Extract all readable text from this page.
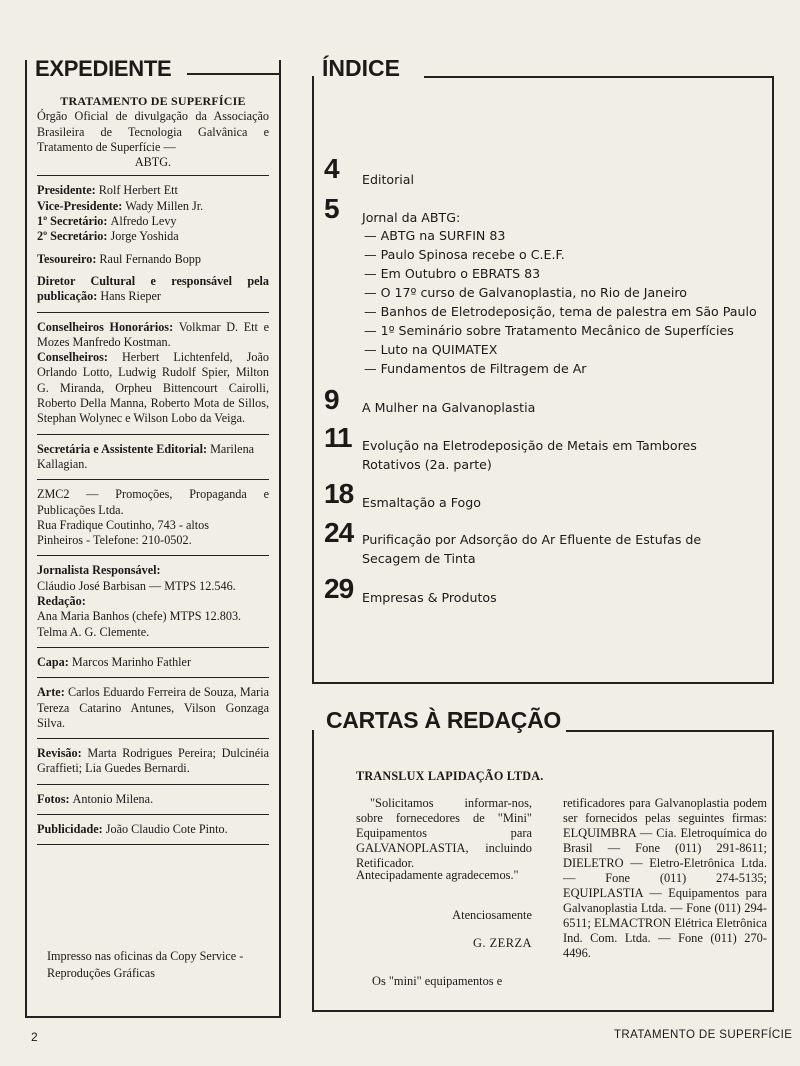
EXPEDIENTE
TRATAMENTO DE SUPERFÍCIE
Órgão Oficial de divulgação da Associação Brasileira de Tecnologia Galvânica e Tratamento de Superfície —
ABTG.
Presidente: Rolf Herbert Ett
Vice-Presidente: Wady Millen Jr.
1º Secretário: Alfredo Levy
2º Secretário: Jorge Yoshida
Tesoureiro: Raul Fernando Bopp
Diretor Cultural e responsável pela publicação: Hans Rieper
Conselheiros Honorários: Volkmar D. Ett e Mozes Manfredo Kostman.
Conselheiros: Herbert Lichtenfeld, João Orlando Lotto, Ludwig Rudolf Spier, Milton G. Miranda, Orpheu Bittencourt Cairolli, Roberto Della Manna, Roberto Mota de Sillos, Stephan Wolynec e Wilson Lobo da Veiga.
Secretária e Assistente Editorial: Marilena Kallagian.
ZMC2 — Promoções, Propaganda e Publicações Ltda.
Rua Fradique Coutinho, 743 - altos
Pinheiros - Telefone: 210-0502.
Jornalista Responsável:
Cláudio José Barbisan — MTPS 12.546.
Redação:
Ana Maria Banhos (chefe) MTPS 12.803.
Telma A. G. Clemente.
Capa: Marcos Marinho Fathler
Arte: Carlos Eduardo Ferreira de Souza, Maria Tereza Catarino Antunes, Vilson Gonzaga Silva.
Revisão: Marta Rodrigues Pereira; Dulcinéia Graffieti; Lia Guedes Bernardi.
Fotos: Antonio Milena.
Publicidade: João Claudio Cote Pinto.
Impresso nas oficinas da Copy Service - Reproduções Gráficas
ÍNDICE
4 Editorial
5 Jornal da ABTG:
— ABTG na SURFIN 83
— Paulo Spinosa recebe o C.E.F.
— Em Outubro o EBRATS 83
— O 17º curso de Galvanoplastia, no Rio de Janeiro
— Banhos de Eletrodeposição, tema de palestra em São Paulo
— 1º Seminário sobre Tratamento Mecânico de Superfícies
— Luto na QUIMATEX
— Fundamentos de Filtragem de Ar
9 A Mulher na Galvanoplastia
11 Evolução na Eletrodeposição de Metais em Tambores Rotativos (2a. parte)
18 Esmaltação a Fogo
24 Purificação por Adsorção do Ar Efluente de Estufas de Secagem de Tinta
29 Empresas & Produtos
CARTAS À REDAÇÃO
TRANSLUX LAPIDAÇÃO LTDA.
"Solicitamos informar-nos, sobre fornecedores de "Mini" Equipamentos para GALVANOPLASTIA, incluindo Retificador.
Antecipadamente agradecemos."
Atenciosamente
G. ZERZA
Os "mini" equipamentos e
retificadores para Galvanoplastia podem ser fornecidos pelas seguintes firmas: ELQUIMBRA — Cia. Eletroquímica do Brasil — Fone (011) 291-8611; DIELETRO — Eletro-Eletrônica Ltda. — Fone (011) 274-5135; EQUIPLASTIA — Equipamentos para Galvanoplastia Ltda. — Fone (011) 294-6511; ELMACTRON Elétrica Eletrônica Ind. Com. Ltda. — Fone (011) 270-4496.
2	TRATAMENTO DE SUPERFÍCIE
